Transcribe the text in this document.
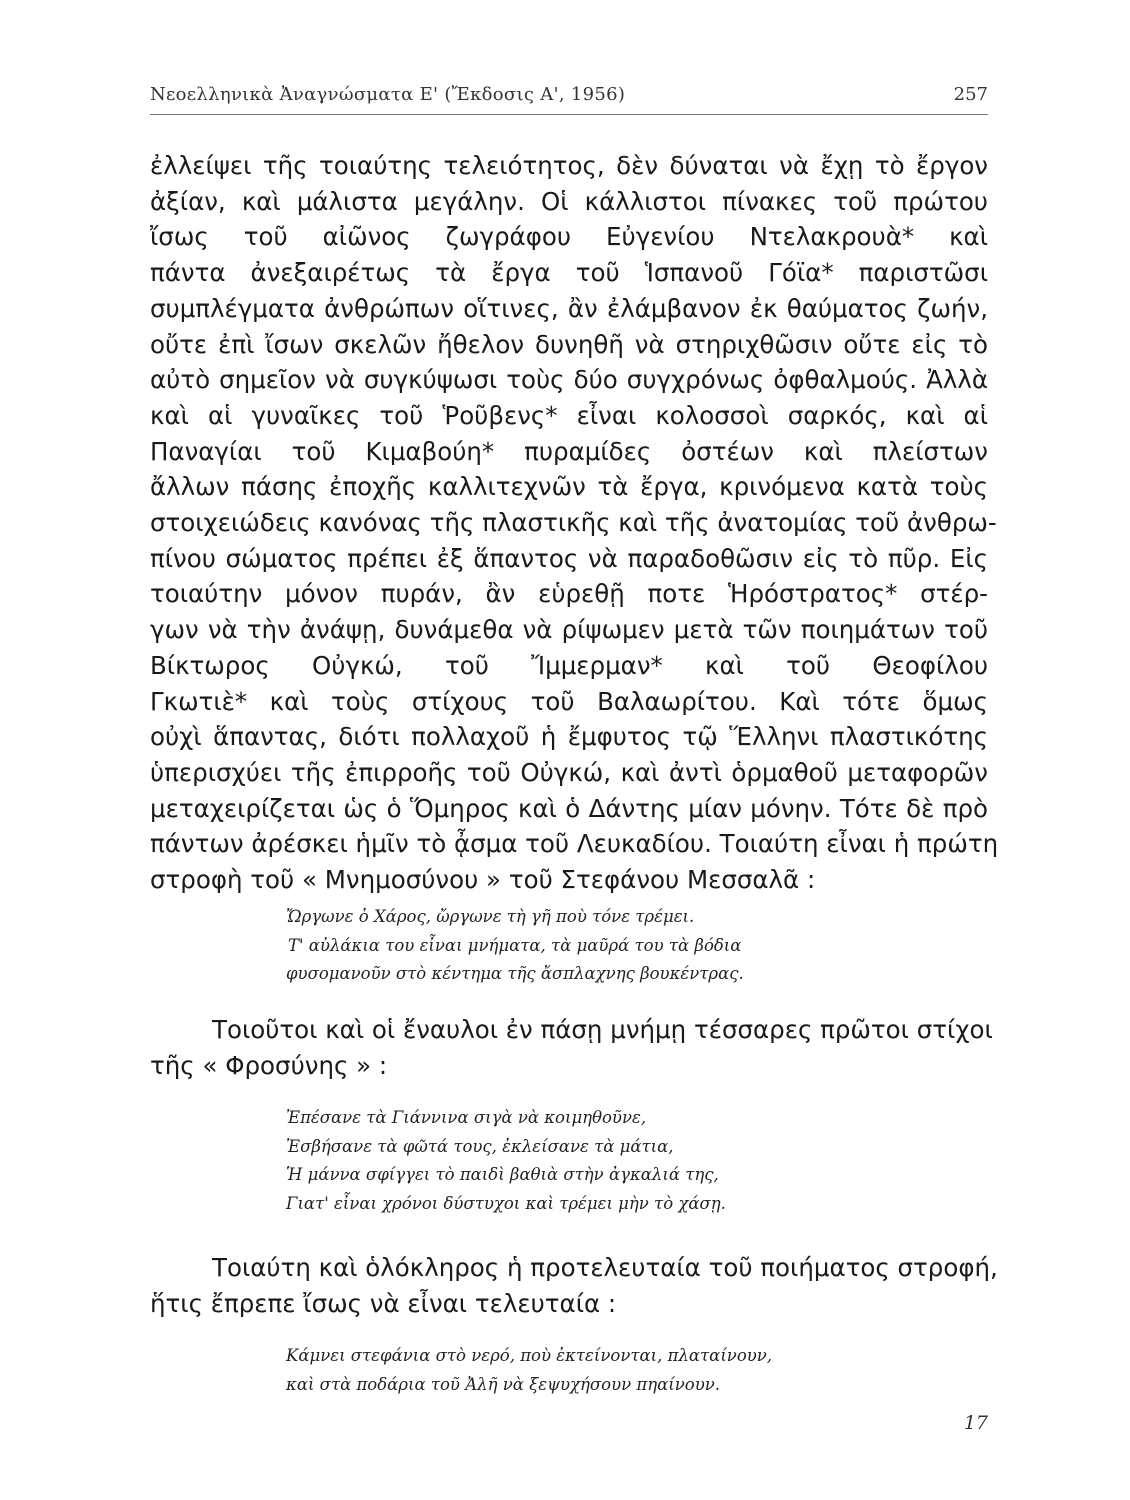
Νεοελληνικὰ Ἀναγνώσματα Ε' (Ἔκδοσις Α', 1956)	257
ἐλλείψει τῆς τοιαύτης τελειότητος, δὲν δύναται νὰ ἔχῃ τὸ ἔργον
ἀξίαν, καὶ μάλιστα μεγάλην. Οἱ κάλλιστοι πίνακες τοῦ πρώτου
ἴσως τοῦ αἰῶνος ζωγράφου Εὐγενίου Ντελακρουὰ* καὶ
πάντα ἀνεξαιρέτως τὰ ἔργα τοῦ Ἱσπανοῦ Γόϊα* παριστῶσι
συμπλέγματα ἀνθρώπων οἵτινες, ἂν ἐλάμβανον ἐκ θαύματος ζωήν,
οὔτε ἐπὶ ἴσων σκελῶν ἤθελον δυνηθῆ νὰ στηριχθῶσιν οὔτε εἰς τὸ
αὐτὸ σημεῖον νὰ συγκύψωσι τοὺς δύο συγχρόνως ὀφθαλμούς. Ἀλλὰ
καὶ αἱ γυναῖκες τοῦ Ῥοῦβενς* εἶναι κολοσσοὶ σαρκός, καὶ αἱ
Παναγίαι τοῦ Κιμαβούη* πυραμίδες ὀστέων καὶ πλείστων
ἄλλων πάσης ἐποχῆς καλλιτεχνῶν τὰ ἔργα, κρινόμενα κατὰ τοὺς
στοιχειώδεις κανόνας τῆς πλαστικῆς καὶ τῆς ἀνατομίας τοῦ ἀνθρω-
πίνου σώματος πρέπει ἐξ ἅπαντος νὰ παραδοθῶσιν εἰς τὸ πῦρ. Εἰς
τοιαύτην μόνον πυράν, ἂν εὑρεθῇ ποτε Ἡρόστρατος* στέρ-
γων νὰ τὴν ἀνάψῃ, δυνάμεθα νὰ ρίψωμεν μετὰ τῶν ποιημάτων τοῦ
Βίκτωρος Οὐγκώ, τοῦ Ἴμμερμαν* καὶ τοῦ Θεοφίλου
Γκωτιὲ* καὶ τοὺς στίχους τοῦ Βαλαωρίτου. Καὶ τότε ὅμως
οὐχὶ ἅπαντας, διότι πολλαχοῦ ἡ ἔμφυτος τῷ Ἕλληνι πλαστικότης
ὑπερισχύει τῆς ἐπιρροῆς τοῦ Οὐγκώ, καὶ ἀντὶ ὁρμαθοῦ μεταφορῶν
μεταχειρίζεται ὡς ὁ Ὅμηρος καὶ ὁ Δάντης μίαν μόνην. Τότε δὲ πρὸ
πάντων ἀρέσκει ἡμῖν τὸ ᾆσμα τοῦ Λευκαδίου. Τοιαύτη εἶναι ἡ πρώτη
στροφὴ τοῦ « Μνημοσύνου » τοῦ Στεφάνου Μεσσαλᾶ :
Ὤργωνε ὁ Χάρος, ὤργωνε τὴ γῆ ποὺ τόνε τρέμει.
Τ' αὐλάκια του εἶναι μνήματα, τὰ μαῦρά του τὰ βόδια
φυσομανοῦν στὸ κέντημα τῆς ἄσπλαχνης βουκέντρας.
Τοιοῦτοι καὶ οἱ ἔναυλοι ἐν πάσῃ μνήμῃ τέσσαρες πρῶτοι στίχοι
τῆς « Φροσύνης » :
Ἐπέσανε τὰ Γιάννινα σιγὰ νὰ κοιμηθοῦνε,
Ἐσβήσανε τὰ φῶτά τους, ἐκλείσανε τὰ μάτια,
Ἡ μάννα σφίγγει τὸ παιδὶ βαθιὰ στὴν ἀγκαλιά της,
Γιατ' εἶναι χρόνοι δύστυχοι καὶ τρέμει μὴν τὸ χάσῃ.
Τοιαύτη καὶ ὁλόκληρος ἡ προτελευταία τοῦ ποιήματος στροφή,
ἥτις ἔπρεπε ἴσως νὰ εἶναι τελευταία :
Κάμνει στεφάνια στὸ νερό, ποὺ ἐκτείνονται, πλαταίνουν,
καὶ στὰ ποδάρια τοῦ Ἀλῆ νὰ ξεψυχήσουν πηαίνουν.
17
